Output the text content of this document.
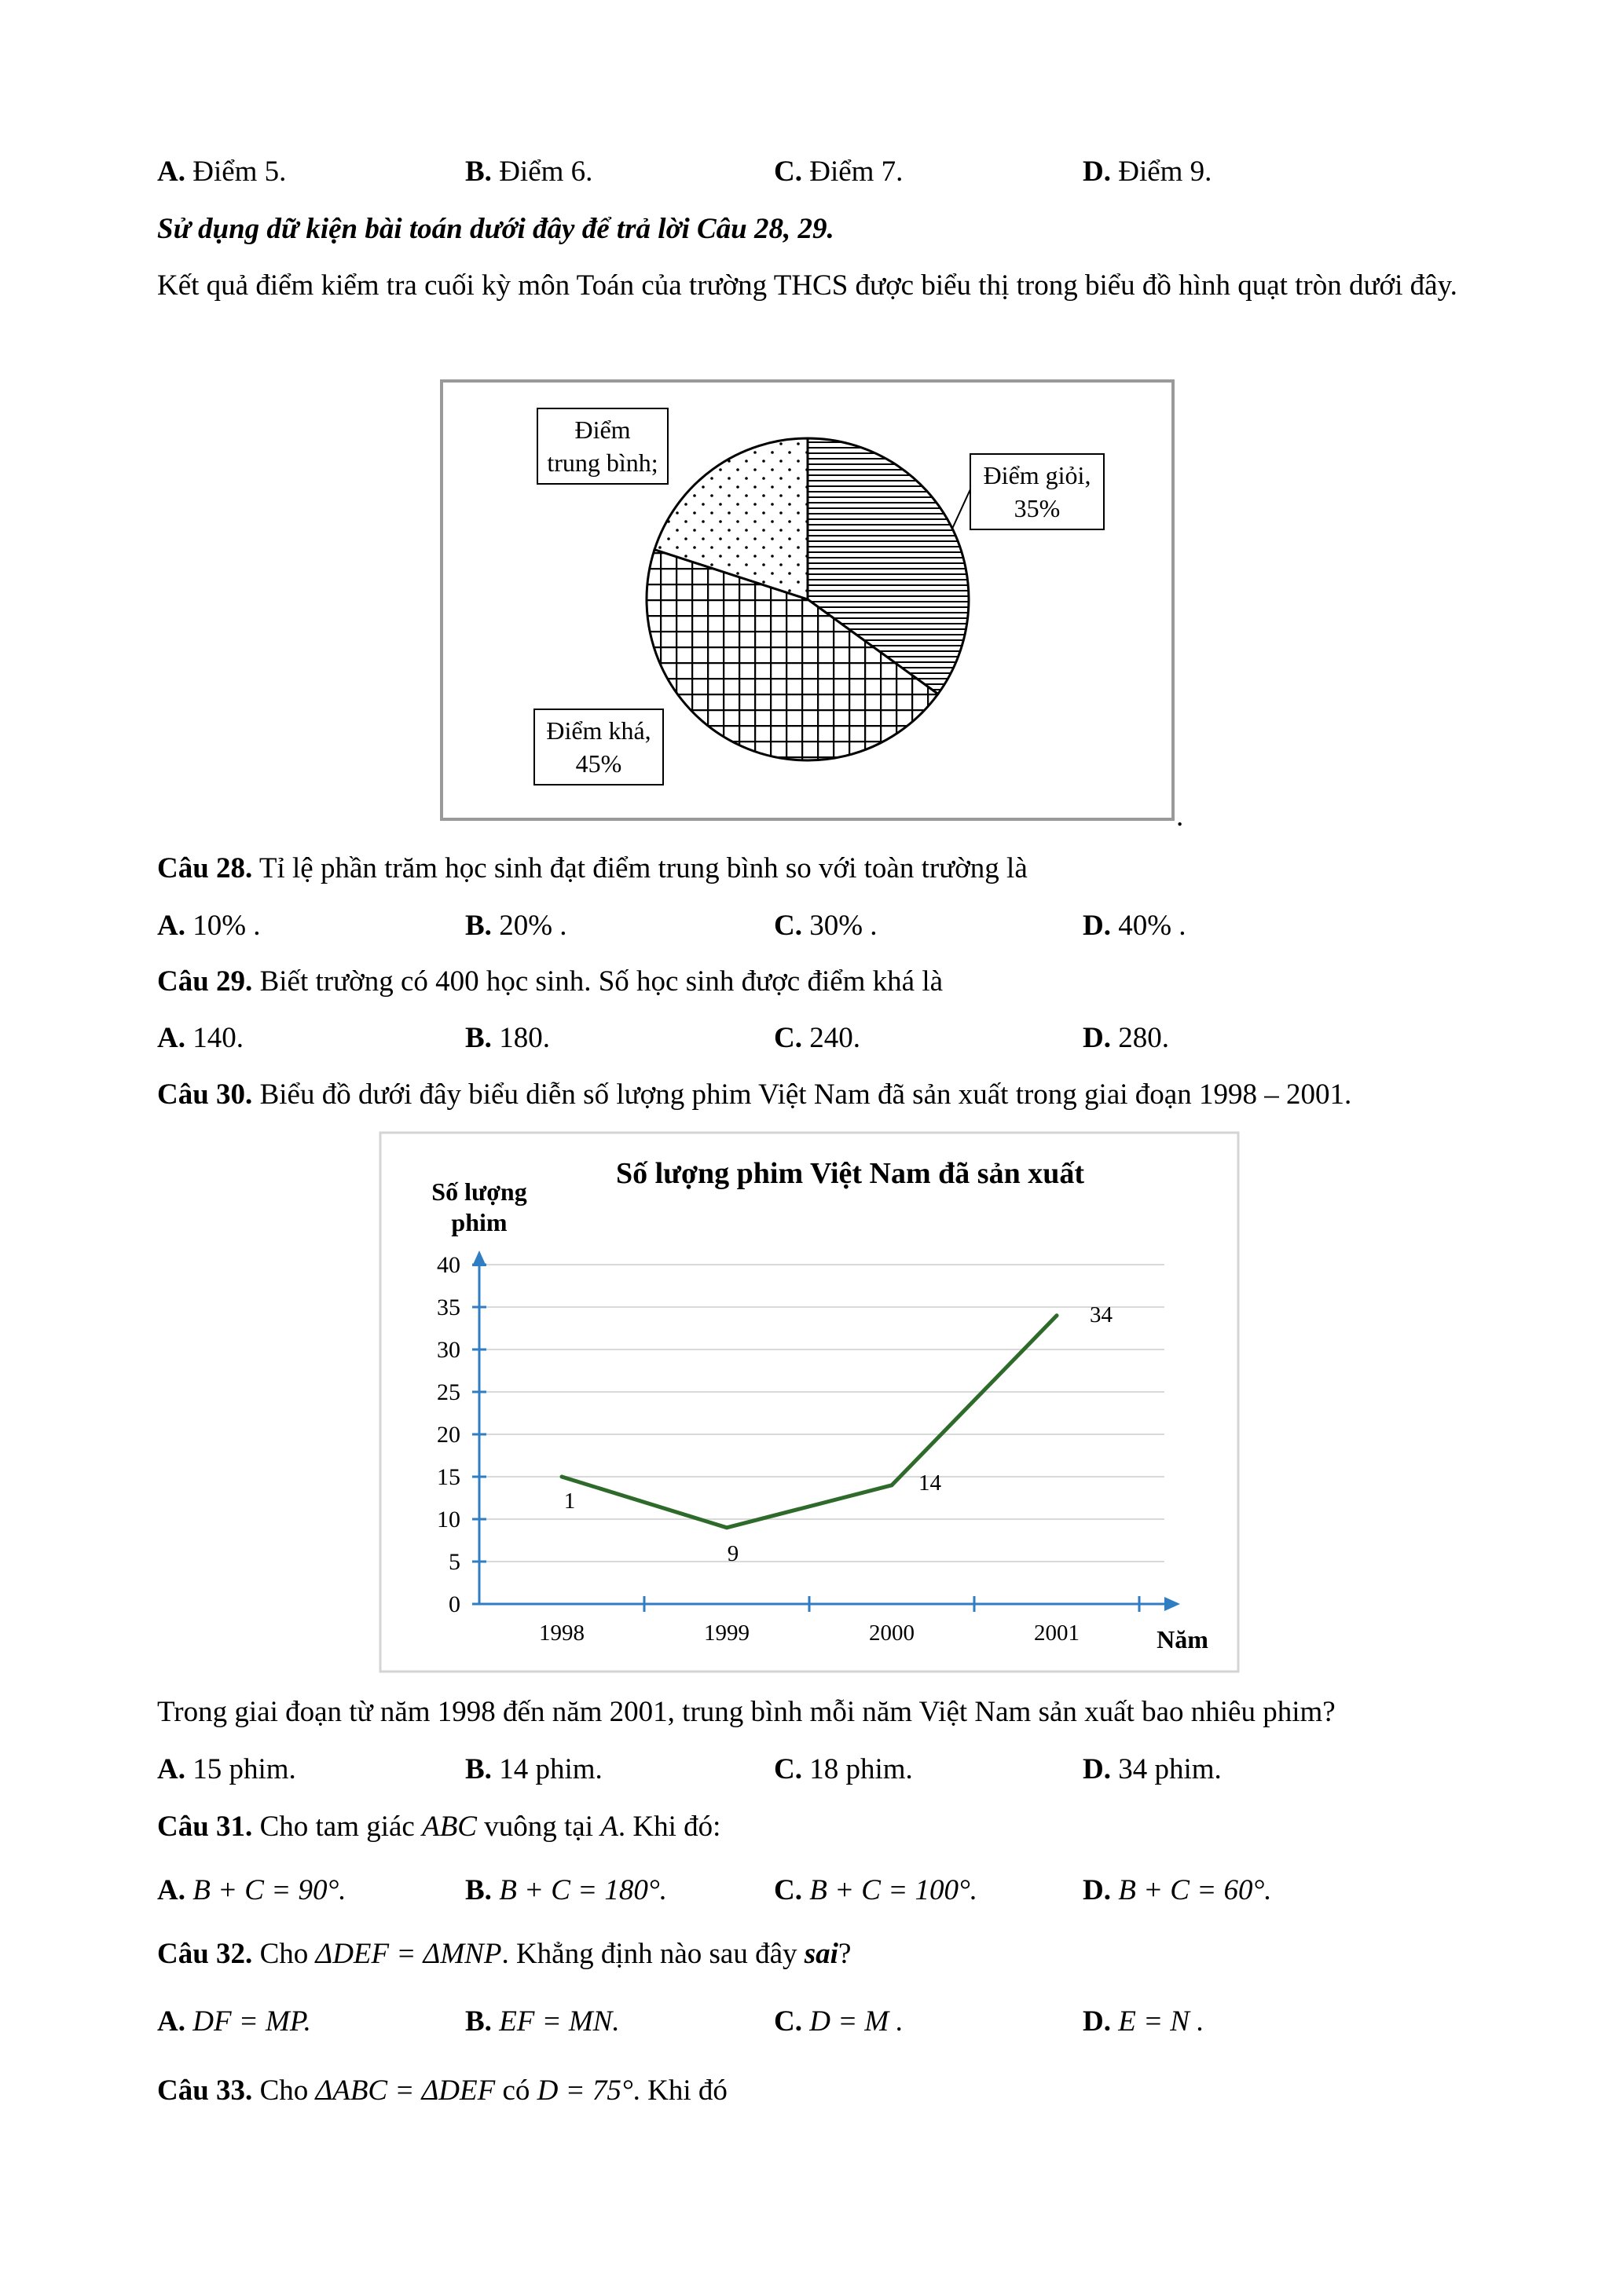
A. Điểm 5.	B. Điểm 6.	C. Điểm 7.	D. Điểm 9.
Sử dụng dữ kiện bài toán dưới đây để trả lời Câu 28, 29.
Kết quả điểm kiểm tra cuối kỳ môn Toán của trường THCS được biểu thị trong biểu đồ hình quạt tròn dưới đây.
Điểm giỏi,
35%
Điểm khá,
45%
Điểm
trung bình;
.
Câu 28. Tỉ lệ phần trăm học sinh đạt điểm trung bình so với toàn trường là
A. 10% .	B. 20% .	C. 30% .	D. 40% .
Câu 29. Biết trường có 400 học sinh. Số học sinh được điểm khá là
A. 140.	B. 180.	C. 240.	D. 280.
Câu 30. Biểu đồ dưới đây biểu diễn số lượng phim Việt Nam đã sản xuất trong giai đoạn 1998 – 2001.
Số lượng phim Việt Nam đã sản xuất
Số lượng
phim
Năm
0
5
10
15
20
25
30
35
40
1998	1999	2000	2001
1
9
14
34
Trong giai đoạn từ năm 1998 đến năm 2001, trung bình mỗi năm Việt Nam sản xuất bao nhiêu phim?
A. 15 phim.	B. 14 phim.	C. 18 phim.	D. 34 phim.
Câu 31. Cho tam giác ABC vuông tại A. Khi đó:
A. B + C = 90°.	B. B + C = 180°.	C. B + C = 100°.	D. B + C = 60°.
Câu 32. Cho ΔDEF = ΔMNP. Khẳng định nào sau đây sai?
A. DF = MP.	B. EF = MN.	C. D = M .	D. E = N .
Câu 33. Cho ΔABC = ΔDEF có D = 75°. Khi đó
